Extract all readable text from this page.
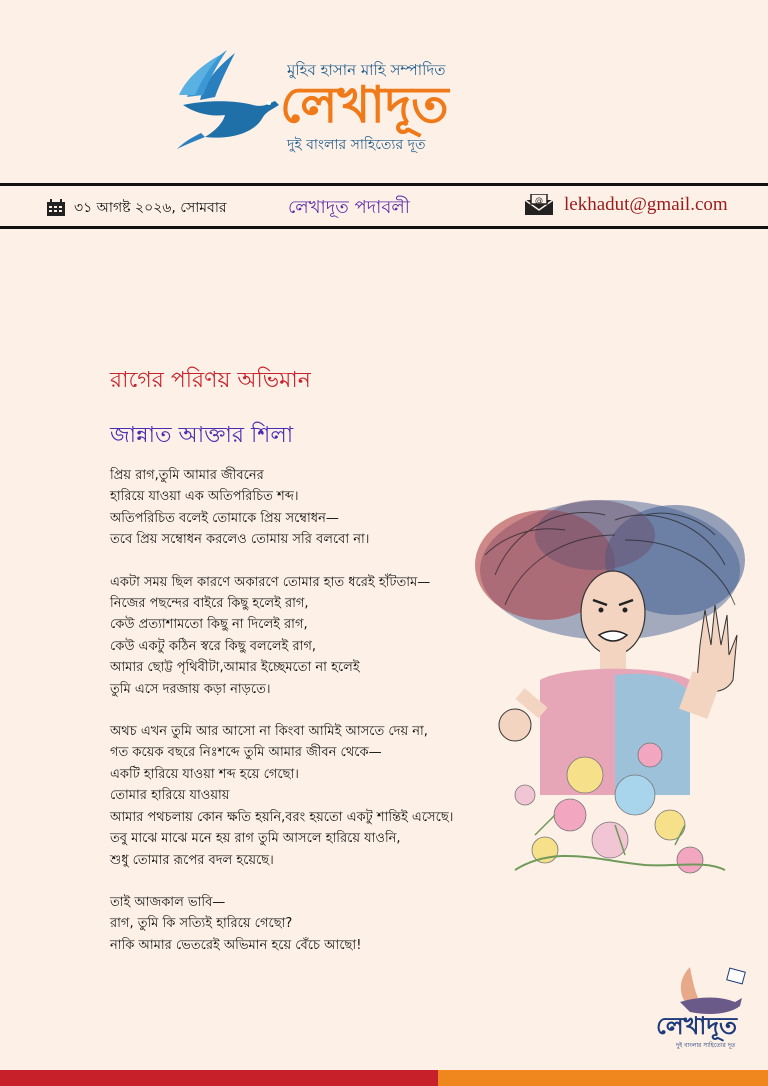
মুহিব হাসান মাহি সম্পাদিত
লেখাদূত
দুই বাংলার সাহিত্যের দূত
৩১ আগষ্ট ২০২৬, সোমবার	লেখাদূত পদাবলী	@ lekhadut@gmail.com
রাগের পরিণয় অভিমান
জান্নাত আক্তার শিলা
প্রিয় রাগ,তুমি আমার জীবনের
হারিয়ে যাওয়া এক অতিপরিচিত শব্দ।
অতিপরিচিত বলেই তোমাকে প্রিয় সম্বোধন—
তবে প্রিয় সম্বোধন করলেও তোমায় সরি বলবো না।
একটা সময় ছিল কারণে অকারণে তোমার হাত ধরেই হাঁটতাম—
নিজের পছন্দের বাইরে কিছু হলেই রাগ,
কেউ প্রত্যাশামতো কিছু না দিলেই রাগ,
কেউ একটু কঠিন স্বরে কিছু বললেই রাগ,
আমার ছোট্ট পৃথিবীটা,আমার ইচ্ছেমতো না হলেই
তুমি এসে দরজায় কড়া নাড়তে।
অথচ এখন তুমি আর আসো না কিংবা আমিই আসতে দেয় না,
গত কয়েক বছরে নিঃশব্দে তুমি আমার জীবন থেকে—
একটি হারিয়ে যাওয়া শব্দ হয়ে গেছো।
তোমার হারিয়ে যাওয়ায়
আমার পথচলায় কোন ক্ষতি হয়নি,বরং হয়তো একটু শান্তিই এসেছে।
তবু মাঝে মাঝে মনে হয় রাগ তুমি আসলে হারিয়ে যাওনি,
শুধু তোমার রূপের বদল হয়েছে।
তাই আজকাল ভাবি—
রাগ, তুমি কি সত্যিই হারিয়ে গেছো?
নাকি আমার ভেতরেই অভিমান হয়ে বেঁচে আছো!
লেখাদূত
দুই বাংলার সাহিত্যের দূত
